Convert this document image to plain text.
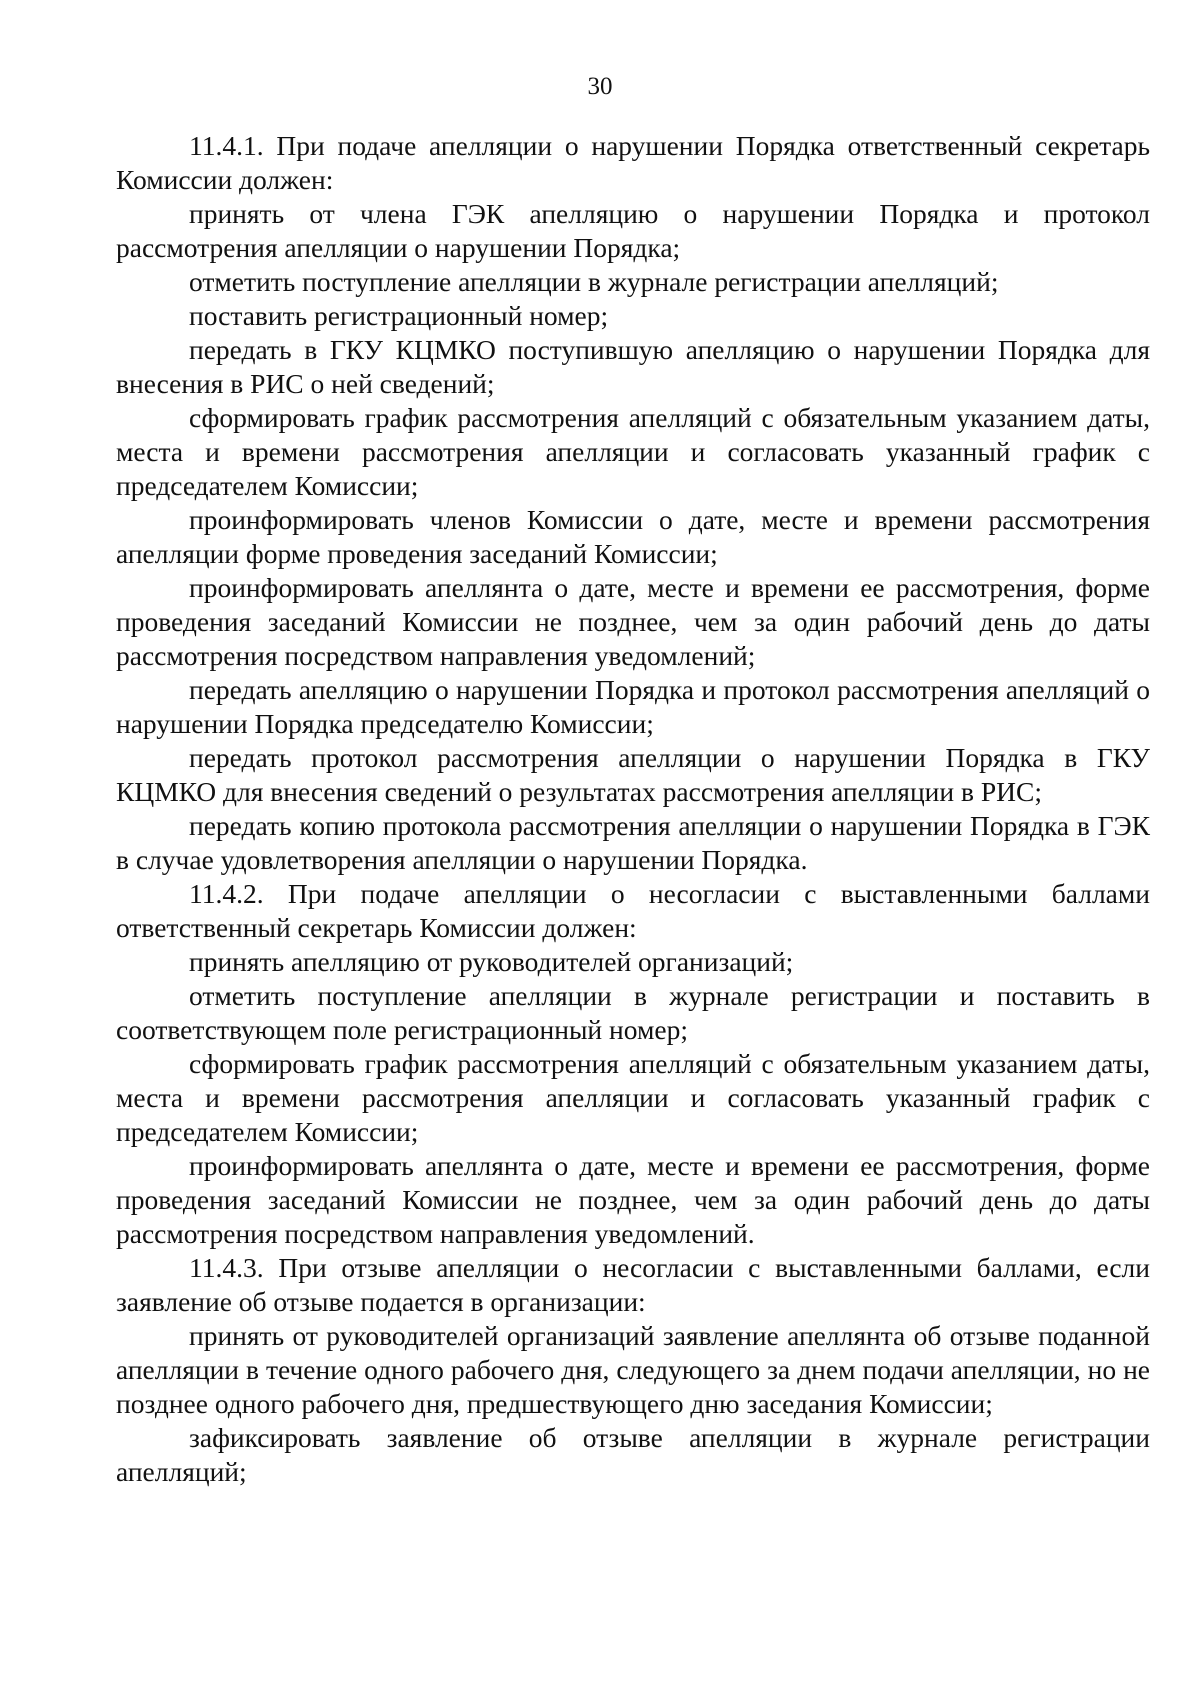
30

11.4.1. При подаче апелляции о нарушении Порядка ответственный секретарь Комиссии должен:

принять от члена ГЭК апелляцию о нарушении Порядка и протокол рассмотрения апелляции о нарушении Порядка;

отметить поступление апелляции в журнале регистрации апелляций;

поставить регистрационный номер;

передать в ГКУ КЦМКО поступившую апелляцию о нарушении Порядка для внесения в РИС о ней сведений;

сформировать график рассмотрения апелляций с обязательным указанием даты, места и времени рассмотрения апелляции и согласовать указанный график с председателем Комиссии;

проинформировать членов Комиссии о дате, месте и времени рассмотрения апелляции форме проведения заседаний Комиссии;

проинформировать апеллянта о дате, месте и времени ее рассмотрения, форме проведения заседаний Комиссии не позднее, чем за один рабочий день до даты рассмотрения посредством направления уведомлений;

передать апелляцию о нарушении Порядка и протокол рассмотрения апелляций о нарушении Порядка председателю Комиссии;

передать протокол рассмотрения апелляции о нарушении Порядка в ГКУ КЦМКО для внесения сведений о результатах рассмотрения апелляции в РИС;

передать копию протокола рассмотрения апелляции о нарушении Порядка в ГЭК в случае удовлетворения апелляции о нарушении Порядка.

11.4.2. При подаче апелляции о несогласии с выставленными баллами ответственный секретарь Комиссии должен:

принять апелляцию от руководителей организаций;

отметить поступление апелляции в журнале регистрации и поставить в соответствующем поле регистрационный номер;

сформировать график рассмотрения апелляций с обязательным указанием даты, места и времени рассмотрения апелляции и согласовать указанный график с председателем Комиссии;

проинформировать апеллянта о дате, месте и времени ее рассмотрения, форме проведения заседаний Комиссии не позднее, чем за один рабочий день до даты рассмотрения посредством направления уведомлений.

11.4.3. При отзыве апелляции о несогласии с выставленными баллами, если заявление об отзыве подается в организации:

принять от руководителей организаций заявление апеллянта об отзыве поданной апелляции в течение одного рабочего дня, следующего за днем подачи апелляции, но не позднее одного рабочего дня, предшествующего дню заседания Комиссии;

зафиксировать заявление об отзыве апелляции в журнале регистрации апелляций;
